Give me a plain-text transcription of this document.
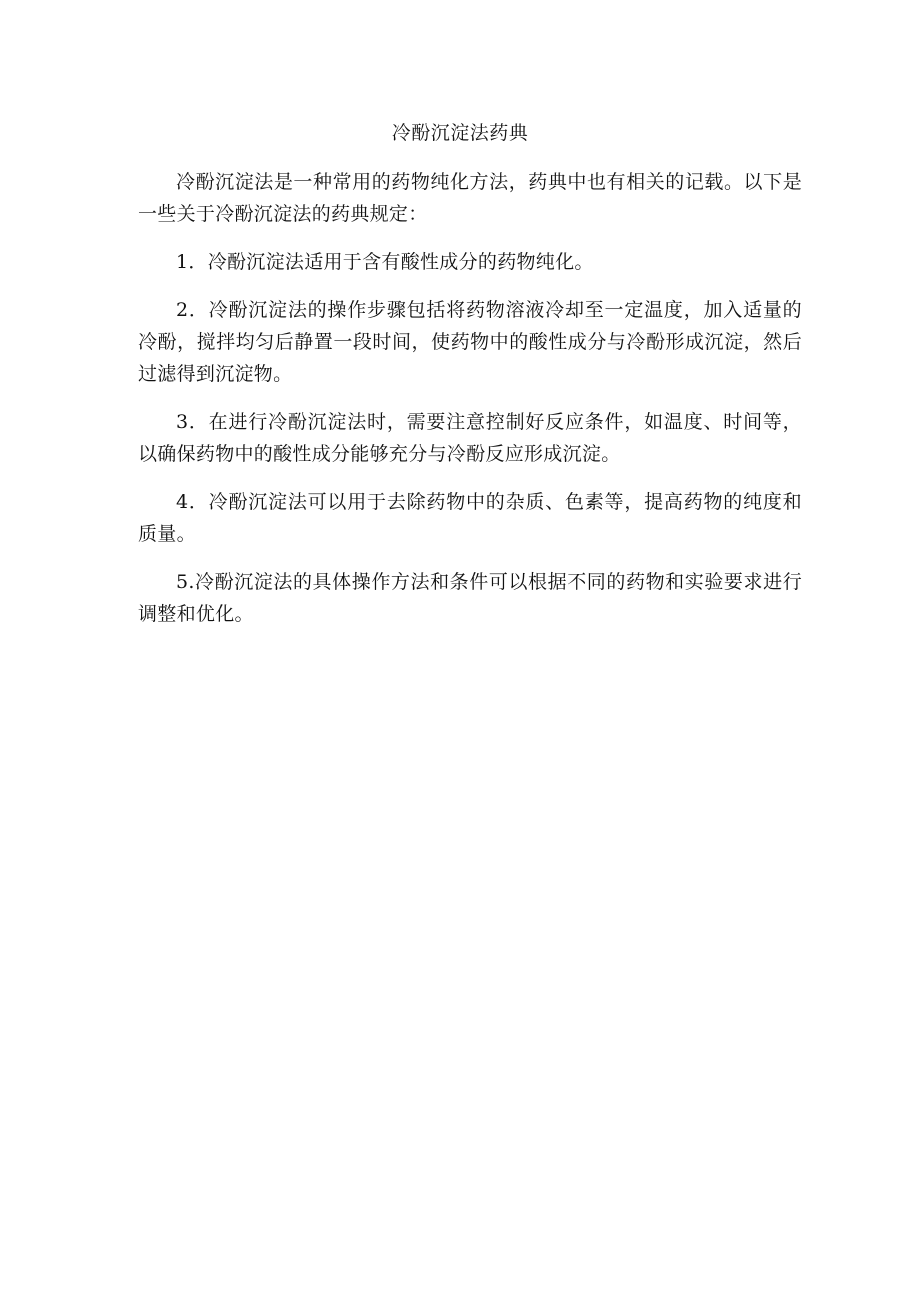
冷酚沉淀法药典

冷酚沉淀法是一种常用的药物纯化方法，药典中也有相关的记载。以下是一些关于冷酚沉淀法的药典规定：

1．冷酚沉淀法适用于含有酸性成分的药物纯化。

2．冷酚沉淀法的操作步骤包括将药物溶液冷却至一定温度，加入适量的冷酚，搅拌均匀后静置一段时间，使药物中的酸性成分与冷酚形成沉淀，然后过滤得到沉淀物。

3．在进行冷酚沉淀法时，需要注意控制好反应条件，如温度、时间等，以确保药物中的酸性成分能够充分与冷酚反应形成沉淀。

4．冷酚沉淀法可以用于去除药物中的杂质、色素等，提高药物的纯度和质量。

5.冷酚沉淀法的具体操作方法和条件可以根据不同的药物和实验要求进行调整和优化。
